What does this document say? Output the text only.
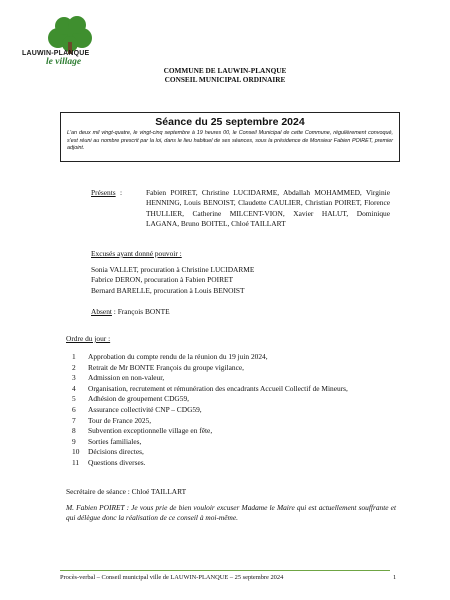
LAUWIN-PLANQUE
le village
COMMUNE DE LAUWIN-PLANQUE
CONSEIL MUNICIPAL ORDINAIRE
Séance du 25 septembre 2024
L'an deux mil vingt-quatre, le vingt-cinq septembre à 19 heures 00, le Conseil Municipal de cette Commune, régulièrement convoqué, s'est réuni au nombre prescrit par la loi, dans le lieu habituel de ses séances, sous la présidence de Monsieur Fabien POIRET, premier adjoint.
Présents :	Fabien POIRET, Christine LUCIDARME, Abdallah MOHAMMED, Virginie HENNING, Louis BENOIST, Claudette CAULIER, Christian POIRET, Florence THULLIER, Catherine MILCENT-VION, Xavier HALUT, Dominique LAGANA, Bruno BOITEL, Chloé TAILLART
Excusés ayant donné pouvoir :
Sonia VALLET, procuration à Christine LUCIDARME
Fabrice DERON, procuration à Fabien POIRET
Bernard BARELLE, procuration à Louis BENOIST
Absent : François BONTE
Ordre du jour :
1	Approbation du compte rendu de la réunion du 19 juin 2024,
2	Retrait de Mr BONTE François du groupe vigilance,
3	Admission en non-valeur,
4	Organisation, recrutement et rémunération des encadrants Accueil Collectif de Mineurs,
5	Adhésion de groupement CDG59,
6	Assurance collectivité CNP – CDG59,
7	Tour de France 2025,
8	Subvention exceptionnelle village en fête,
9	Sorties familiales,
10	Décisions directes,
11	Questions diverses.
Secrétaire de séance : Chloé TAILLART
M. Fabien POIRET : Je vous prie de bien vouloir excuser Madame le Maire qui est actuellement souffrante et qui délègue donc la réalisation de ce conseil à moi-même.
Procès-verbal – Conseil municipal ville de LAUWIN-PLANQUE – 25 septembre 2024	1
